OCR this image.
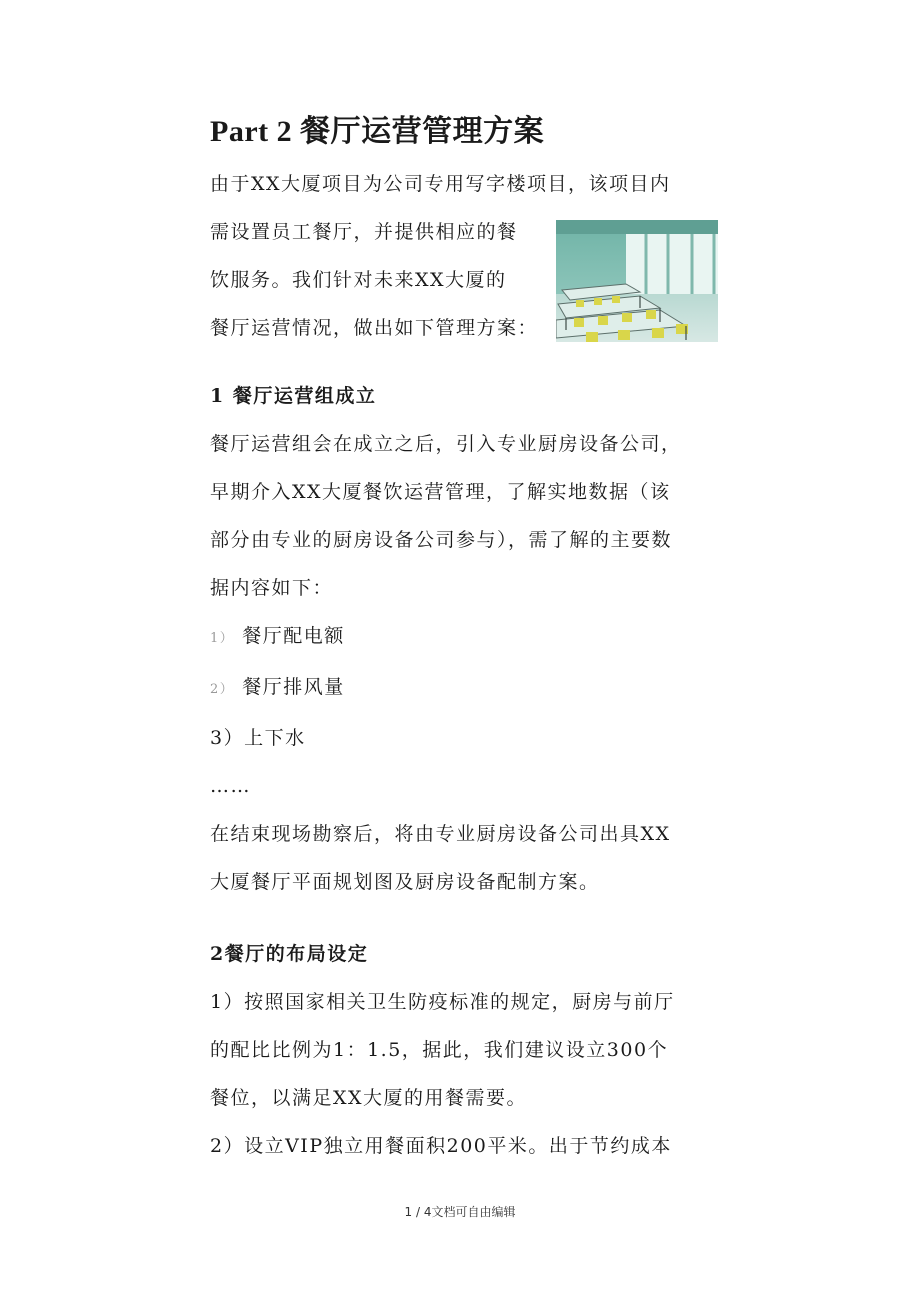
Part 2 餐厅运营管理方案
由于XX大厦项目为公司专用写字楼项目，该项目内
需设置员工餐厅，并提供相应的餐
饮服务。我们针对未来XX大厦的
餐厅运营情况，做出如下管理方案：
1 餐厅运营组成立
餐厅运营组会在成立之后，引入专业厨房设备公司，
早期介入XX大厦餐饮运营管理，了解实地数据（该
部分由专业的厨房设备公司参与），需了解的主要数
据内容如下：
1） 餐厅配电额
2） 餐厅排风量
3）上下水
……
在结束现场勘察后，将由专业厨房设备公司出具XX
大厦餐厅平面规划图及厨房设备配制方案。
2餐厅的布局设定
1）按照国家相关卫生防疫标准的规定，厨房与前厅
的配比比例为1：1.5，据此，我们建议设立300个
餐位，以满足XX大厦的用餐需要。
2）设立VIP独立用餐面积200平米。出于节约成本
1 / 4文档可自由编辑
